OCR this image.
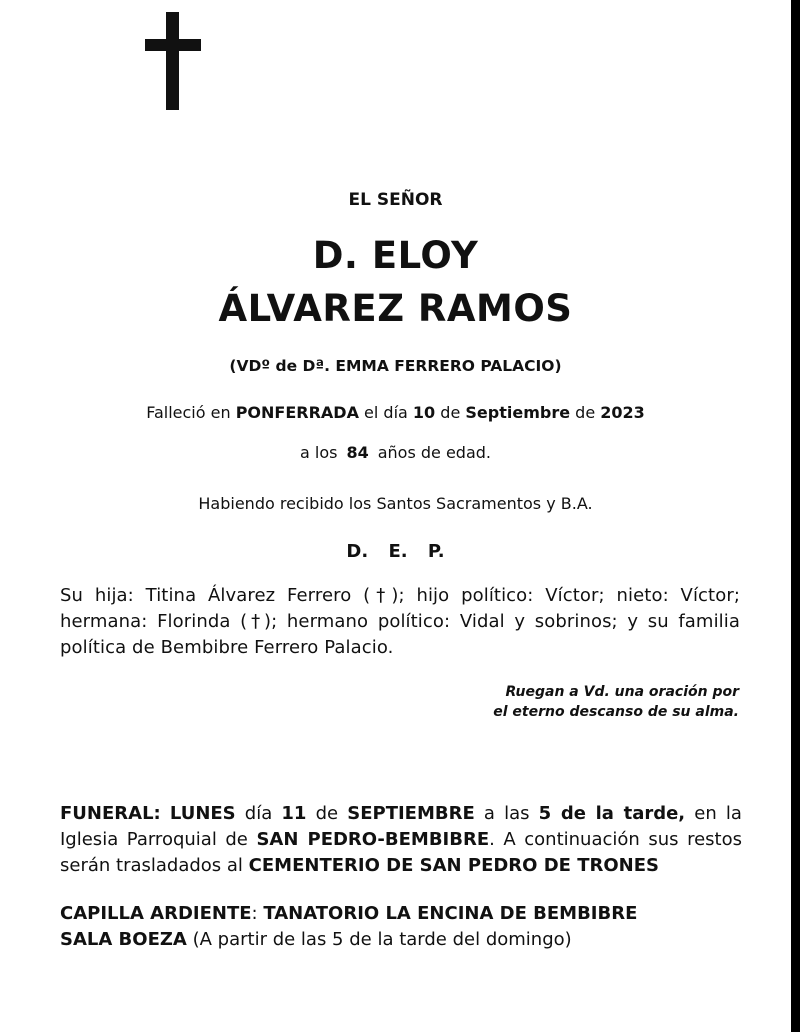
EL SEÑOR
D. ELOY
ÁLVAREZ RAMOS
(VDº de Dª. EMMA FERRERO PALACIO)
Falleció en PONFERRADA el día 10 de Septiembre de 2023
a los 84 años de edad.
Habiendo recibido los Santos Sacramentos y B.A.
D. E. P.
Su hija: Titina Álvarez Ferrero (†); hijo político: Víctor; nieto: Víctor; hermana: Florinda (†); hermano político: Vidal y sobrinos; y su familia política de Bembibre Ferrero Palacio.
Ruegan a Vd. una oración por
el eterno descanso de su alma.
FUNERAL: LUNES día 11 de SEPTIEMBRE a las 5 de la tarde, en la Iglesia Parroquial de SAN PEDRO-BEMBIBRE. A continuación sus restos serán trasladados al CEMENTERIO DE SAN PEDRO DE TRONES
CAPILLA ARDIENTE: TANATORIO LA ENCINA DE BEMBIBRE
SALA BOEZA (A partir de las 5 de la tarde del domingo)
